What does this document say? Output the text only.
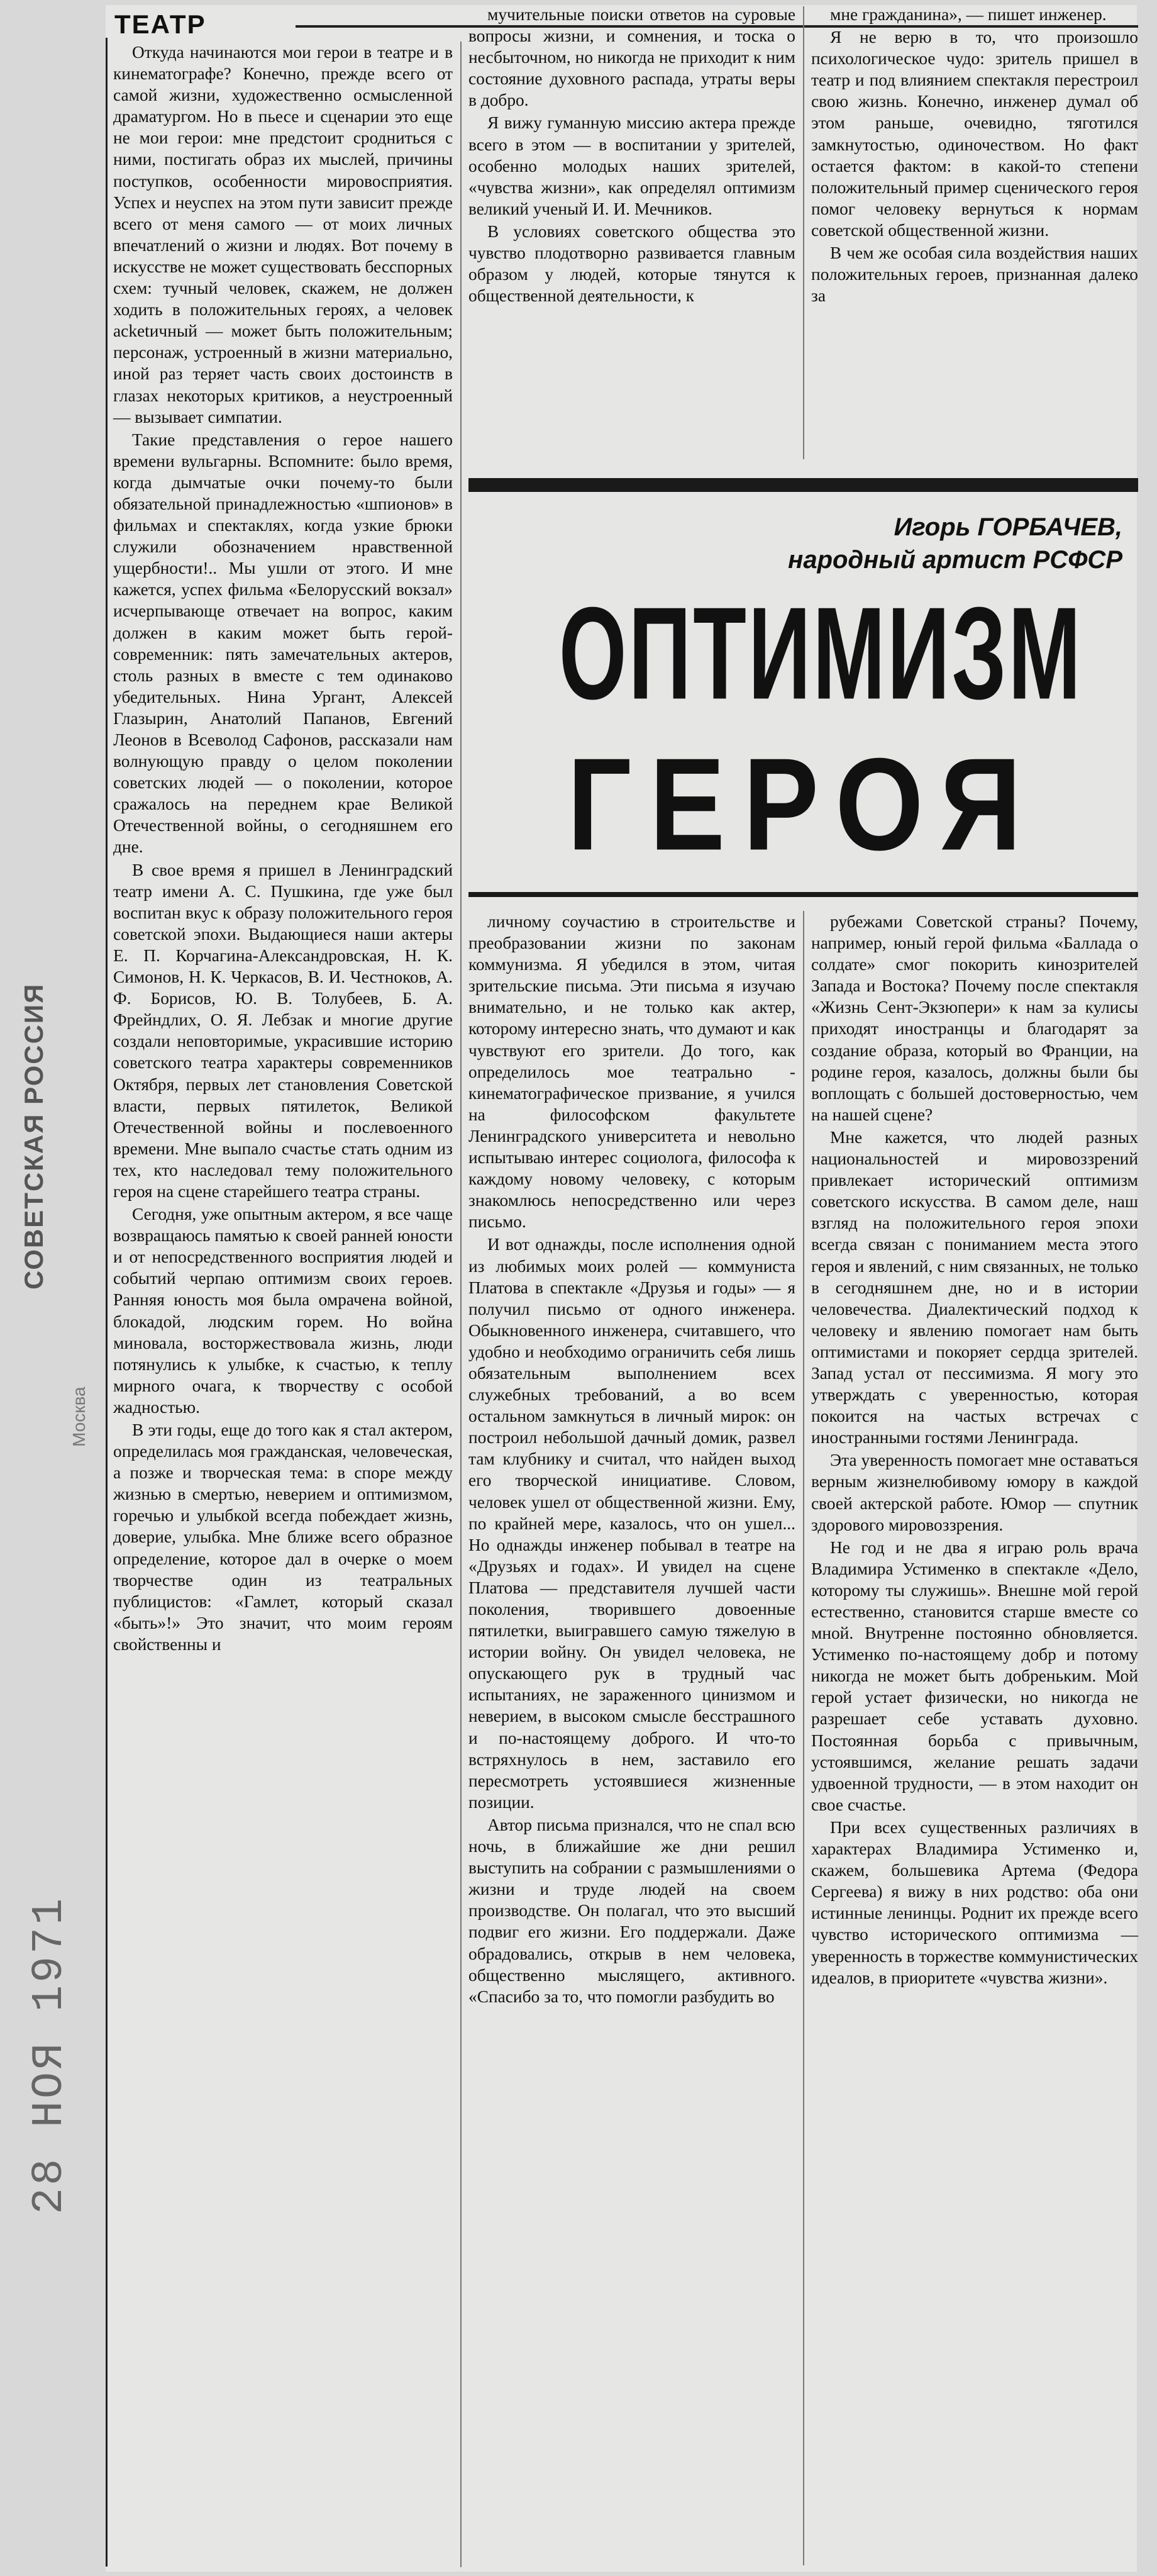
ТЕАТР

Откуда начинаются мои герои в театре и в кинематографе? Конечно, прежде всего от самой жизни, художественно осмысленной драматургом. Но в пьесе и сценарии это еще не мои герои: мне предстоит сродниться с ними, постигать образ их мыслей, причины поступков, особенности мировосприятия. Успех и неуспех на этом пути зависит прежде всего от меня самого — от моих личных впечатлений о жизни и людях. Вот почему в искусстве не может существовать бесспорных схем: тучный человек, скажем, не должен ходить в положительных героях, а человек асketичный — может быть положительным; персонаж, устроенный в жизни материально, иной раз теряет часть своих достоинств в глазах некоторых критиков, а неустроенный— вызывает симпатии.

Такие представления о герое нашего времени вульгарны. Вспомните: было время, когда дымчатые очки почему-то были обязательной принадлежностью «шпионов» в фильмах и спектаклях, когда узкие брюки служили обозначением нравственной ущербности!.. Мы ушли от этого. И мне кажется, успех фильма «Белорусский вокзал» исчерпывающе отвечает на вопрос, каким должен в каким может быть герой-современник: пять замечательных актеров, столь разных в вместе с тем одинаково убедительных. Нина Ургант, Алексей Глазырин, Анатолий Папанов, Евгений Леонов в Всеволод Сафонов, рассказали нам волнующую правду о целом поколении советских людей — о поколении, которое сражалось на переднем крае Великой Отечественной войны, о сегодняшнем его дне.

В свое время я пришел в Ленинградский театр имени А. С. Пушкина, где уже был воспитан вкус к образу положительного героя советской эпохи. Выдающиеся наши актеры Е. П. Корчагина-Александровская, Н. К. Симонов, Н. К. Черкасов, В. И. Честноков, А. Ф. Борисов, Ю. В. Толубеев, Б. А. Фрейндлих, О. Я. Лебзак и многие другие создали неповторимые, украсившие историю советского театра характеры современников Октября, первых лет становления Советской власти, первых пятилеток, Великой Отечественной войны и послевоенного времени. Мне выпало счастье стать одним из тех, кто наследовал тему положительного героя на сцене старейшего театра страны.

Сегодня, уже опытным актером, я все чаще возвращаюсь памятью к своей ранней юности и от непосредственного восприятия людей и событий черпаю оптимизм своих героев. Ранняя юность моя была омрачена войной, блокадой, людским горем. Но война миновала, восторжествовала жизнь, люди потянулись к улыбке, к счастью, к теплу мирного очага, к творчеству с особой жадностью.

В эти годы, еще до того как я стал актером, определилась моя гражданская, человеческая, а позже и творческая тема: в споре между жизнью в смертью, неверием и оптимизмом, горечью и улыбкой всегда побеждает жизнь, доверие, улыбка. Мне ближе всего образное определение, которое дал в очерке о моем творчестве один из театральных публицистов: «Гамлет, который сказал «быть»!» Это значит, что моим героям свойственны и

мучительные поиски ответов на суровые вопросы жизни, и сомнения, и тоска о несбыточном, но никогда не приходит к ним состояние духовного распада, утраты веры в добро.

Я вижу гуманную миссию актера прежде всего в этом — в воспитании у зрителей, особенно молодых наших зрителей, «чувства жизни», как определял оптимизм великий ученый И. И. Мечников.

В условиях советского общества это чувство плодотворно развивается главным образом у людей, которые тянутся к общественной деятельности, к

мне гражданина», — пишет инженер.

Я не верю в то, что произошло психологическое чудо: зритель пришел в театр и под влиянием спектакля перестроил свою жизнь. Конечно, инженер думал об этом раньше, очевидно, тяготился замкнутостью, одиночеством. Но факт остается фактом: в какой-то степени положительный пример сценического героя помог человеку вернуться к нормам советской общественной жизни.

В чем же особая сила воздействия наших положительных героев, признанная далеко за

Игорь ГОРБАЧЕВ,
народный артист РСФСР
ОПТИМИЗМ
ГЕРОЯ

личному соучастию в строительстве и преобразовании жизни по законам коммунизма. Я убедился в этом, читая зрительские письма. Эти письма я изучаю внимательно, и не только как актер, которому интересно знать, что думают и как чувствуют его зрители. До того, как определилось мое театрально - кинематографическое призвание, я учился на философском факультете Ленинградского университета и невольно испытываю интерес социолога, философа к каждому новому человеку, с которым знакомлюсь непосредственно или через письмо.

И вот однажды, после исполнения одной из любимых моих ролей — коммуниста Платова в спектакле «Друзья и годы» — я получил письмо от одного инженера. Обыкновенного инженера, считавшего, что удобно и необходимо ограничить себя лишь обязательным выполнением всех служебных требований, а во всем остальном замкнуться в личный мирок: он построил небольшой дачный домик, развел там клубнику и считал, что найден выход его творческой инициативе. Словом, человек ушел от общественной жизни. Ему, по крайней мере, казалось, что он ушел... Но однажды инженер побывал в театре на «Друзьях и годах». И увидел на сцене Платова — представителя лучшей части поколения, творившего довоенные пятилетки, выигравшего самую тяжелую в истории войну. Он увидел человека, не опускающего рук в трудный час испытаниях, не зараженного цинизмом и неверием, в высоком смысле бесстрашного и по-настоящему доброго. И что-то встряхнулось в нем, заставило его пересмотреть устоявшиеся жизненные позиции.

Автор письма признался, что не спал всю ночь, в ближайшие же дни решил выступить на собрании с размышлениями о жизни и труде людей на своем производстве. Он полагал, что это высший подвиг его жизни. Его поддержали. Даже обрадовались, открыв в нем человека, общественно мыслящего, активного. «Спасибо за то, что помогли разбудить во

рубежами Советской страны? Почему, например, юный герой фильма «Баллада о солдате» смог покорить кинозрителей Запада и Востока? Почему после спектакля «Жизнь Сент-Экзюпери» к нам за кулисы приходят иностранцы и благодарят за создание образа, который во Франции, на родине героя, казалось, должны были бы воплощать с большей достоверностью, чем на нашей сцене?

Мне кажется, что людей разных национальностей и мировоззрений привлекает исторический оптимизм советского искусства. В самом деле, наш взгляд на положительного героя эпохи всегда связан с пониманием места этого героя и явлений, с ним связанных, не только в сегодняшнем дне, но и в истории человечества. Диалектический подход к человеку и явлению помогает нам быть оптимистами и покоряет сердца зрителей. Запад устал от пессимизма. Я могу это утверждать с уверенностью, которая покоится на частых встречах с иностранными гостями Ленинграда.

Эта уверенность помогает мне оставаться верным жизнелюбивому юмору в каждой своей актерской работе. Юмор — спутник здорового мировоззрения.

Не год и не два я играю роль врача Владимира Устименко в спектакле «Дело, которому ты служишь». Внешне мой герой естественно, становится старше вместе со мной. Внутренне постоянно обновляется. Устименко по-настоящему добр и потому никогда не может быть добреньким. Мой герой устает физически, но никогда не разрешает себе уставать духовно. Постоянная борьба с привычным, устоявшимся, желание решать задачи удвоенной трудности, — в этом находит он свое счастье.

При всех существенных различиях в характерах Владимира Устименко и, скажем, большевика Артема (Федора Сергеева) я вижу в них родство: оба они истинные ленинцы. Роднит их прежде всего чувство исторического оптимизма — уверенность в торжестве коммунистических идеалов, в приоритете «чувства жизни».

СОВЕТСКАЯ РОССИЯ
Москва
28 НОЯ 1971
